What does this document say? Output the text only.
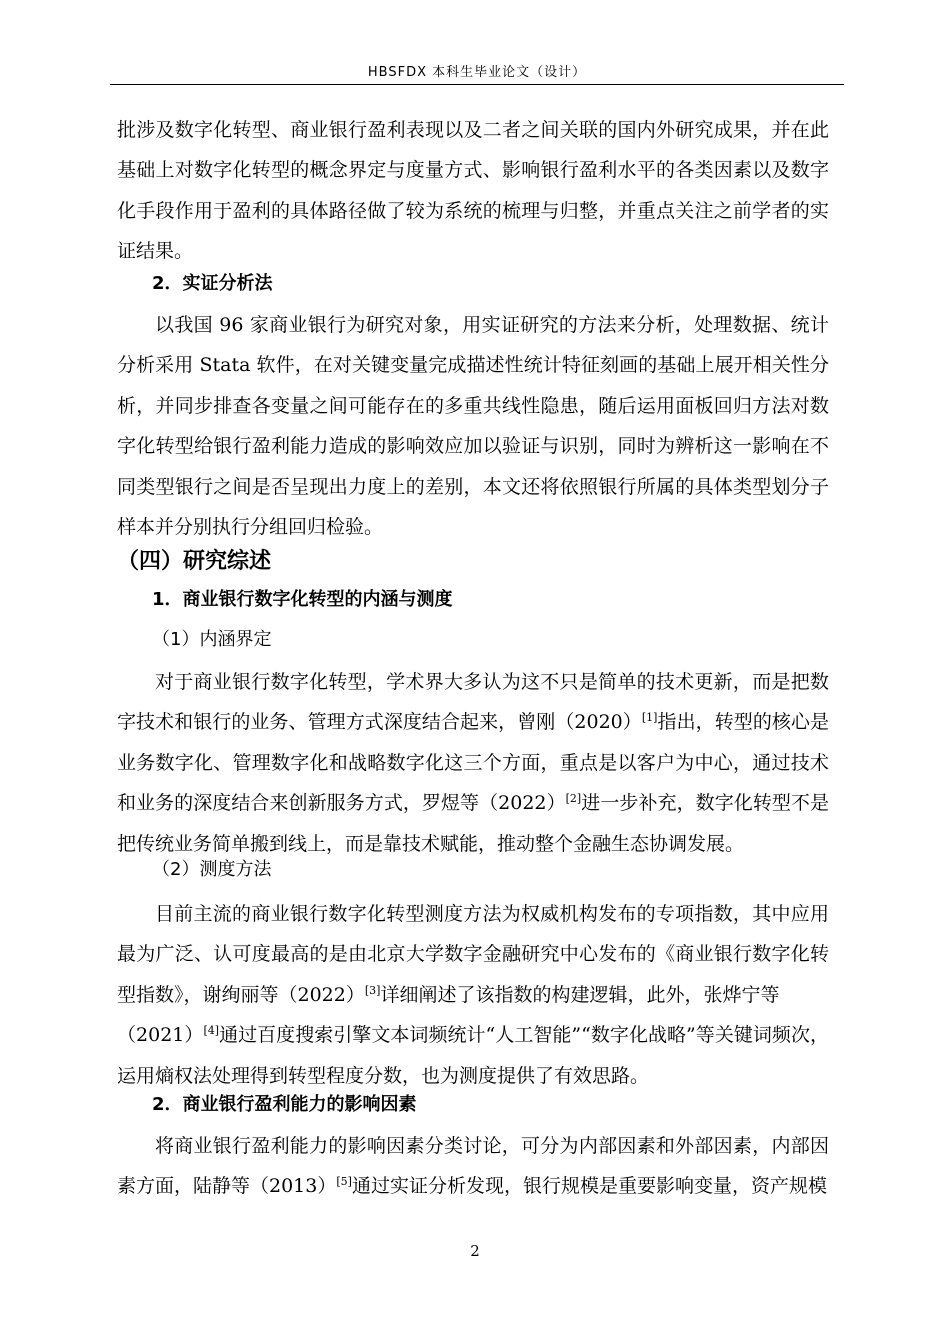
HBSFDX 本科生毕业论文（设计）

批涉及数字化转型、商业银行盈利表现以及二者之间关联的国内外研究成果，并在此基础上对数字化转型的概念界定与度量方式、影响银行盈利水平的各类因素以及数字化手段作用于盈利的具体路径做了较为系统的梳理与归整，并重点关注之前学者的实证结果。

2．实证分析法

以我国 96 家商业银行为研究对象，用实证研究的方法来分析，处理数据、统计分析采用 Stata 软件，在对关键变量完成描述性统计特征刻画的基础上展开相关性分析，并同步排查各变量之间可能存在的多重共线性隐患，随后运用面板回归方法对数字化转型给银行盈利能力造成的影响效应加以验证与识别，同时为辨析这一影响在不同类型银行之间是否呈现出力度上的差别，本文还将依照银行所属的具体类型划分子样本并分别执行分组回归检验。

（四）研究综述

1．商业银行数字化转型的内涵与测度

（1）内涵界定

对于商业银行数字化转型，学术界大多认为这不只是简单的技术更新，而是把数字技术和银行的业务、管理方式深度结合起来，曾刚（2020）[1]指出，转型的核心是业务数字化、管理数字化和战略数字化这三个方面，重点是以客户为中心，通过技术和业务的深度结合来创新服务方式，罗煜等（2022）[2]进一步补充，数字化转型不是把传统业务简单搬到线上，而是靠技术赋能，推动整个金融生态协调发展。

（2）测度方法

目前主流的商业银行数字化转型测度方法为权威机构发布的专项指数，其中应用最为广泛、认可度最高的是由北京大学数字金融研究中心发布的《商业银行数字化转型指数》，谢绚丽等（2022）[3]详细阐述了该指数的构建逻辑，此外，张烨宁等

（2021）[4]通过百度搜索引擎文本词频统计“人工智能”“数字化战略”等关键词频次，运用熵权法处理得到转型程度分数，也为测度提供了有效思路。

2．商业银行盈利能力的影响因素

将商业银行盈利能力的影响因素分类讨论，可分为内部因素和外部因素，内部因素方面，陆静等（2013）[5]通过实证分析发现，银行规模是重要影响变量，资产规模

2
